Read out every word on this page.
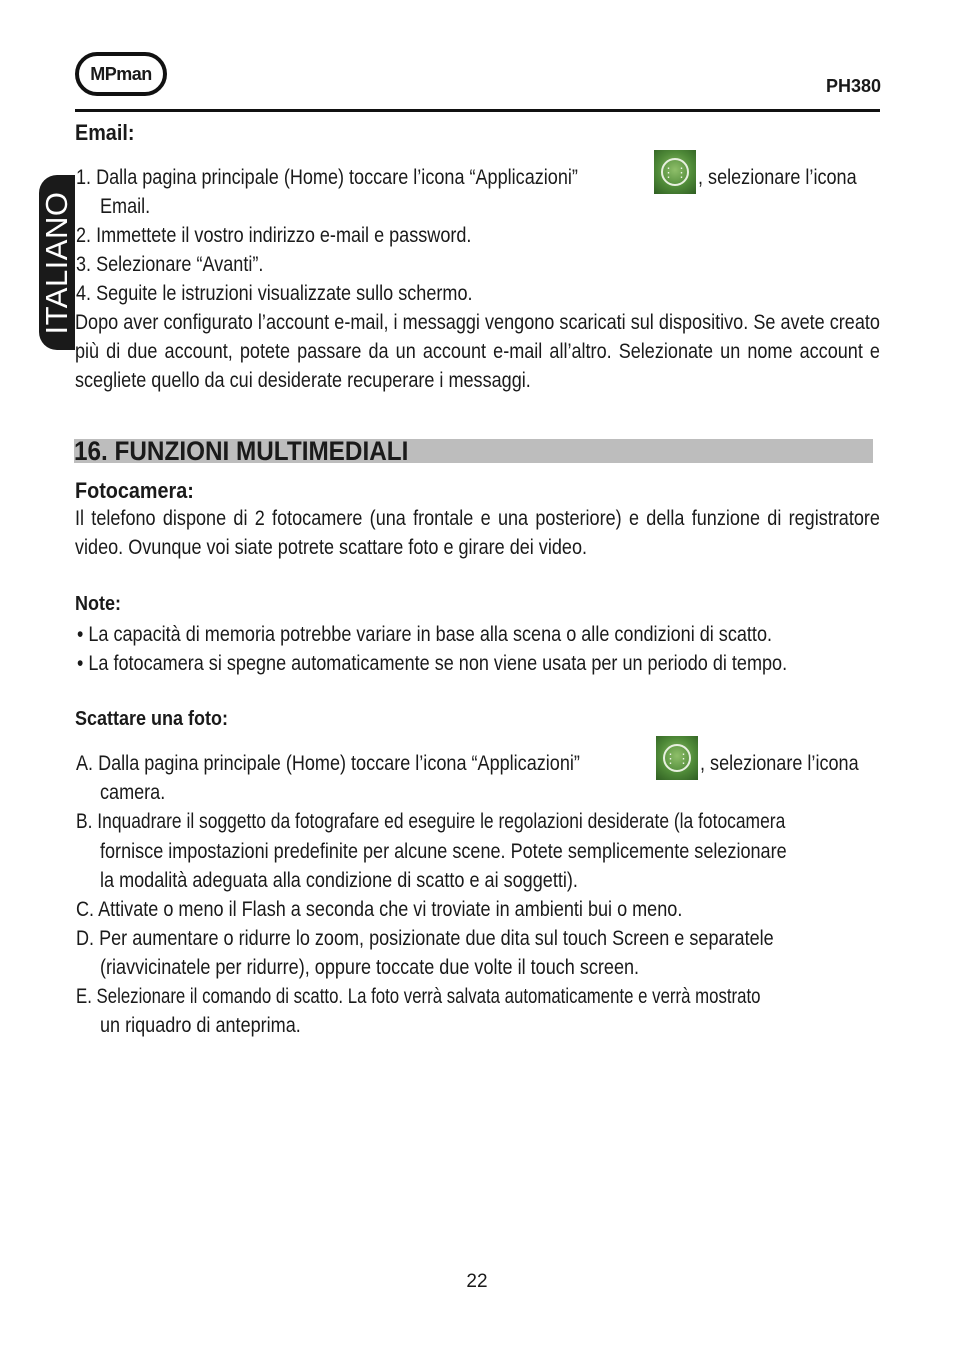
MPman
PH380
ITALIANO
Email:
1. Dalla pagina principale (Home) toccare l’icona “Applicazioni”	⋮⋮ , selezionare l’icona
Email.
2. Immettete il vostro indirizzo e-mail e password.
3. Selezionare “Avanti”.
4. Seguite le istruzioni visualizzate sullo schermo.
Dopo aver configurato l’account e-mail, i messaggi vengono scaricati sul dispositivo. Se avete creato più di due account, potete passare da un account e-mail all’altro. Selezionate un nome account e scegliete quello da cui desiderate recuperare i messaggi.
16. FUNZIONI MULTIMEDIALI
Fotocamera:
Il telefono dispone di 2 fotocamere (una frontale e una posteriore) e della funzione di registratore video. Ovunque voi siate potrete scattare foto e girare dei video.
Note:
• La capacità di memoria potrebbe variare in base alla scena o alle condizioni di scatto.
• La fotocamera si spegne automaticamente se non viene usata per un periodo di tempo.
Scattare una foto:
A. Dalla pagina principale (Home) toccare l’icona “Applicazioni”	⋮⋮ , selezionare l’icona
camera.
B. Inquadrare il soggetto da fotografare ed eseguire le regolazioni desiderate (la fotocamera
fornisce impostazioni predefinite per alcune scene. Potete semplicemente selezionare
la modalità adeguata alla condizione di scatto e ai soggetti).
C. Attivate o meno il Flash a seconda che vi troviate in ambienti bui o meno.
D. Per aumentare o ridurre lo zoom, posizionate due dita sul touch Screen e separatele
(riavvicinatele per ridurre), oppure toccate due volte il touch screen.
E. Selezionare il comando di scatto. La foto verrà salvata automaticamente e verrà mostrato
un riquadro di anteprima.
22
